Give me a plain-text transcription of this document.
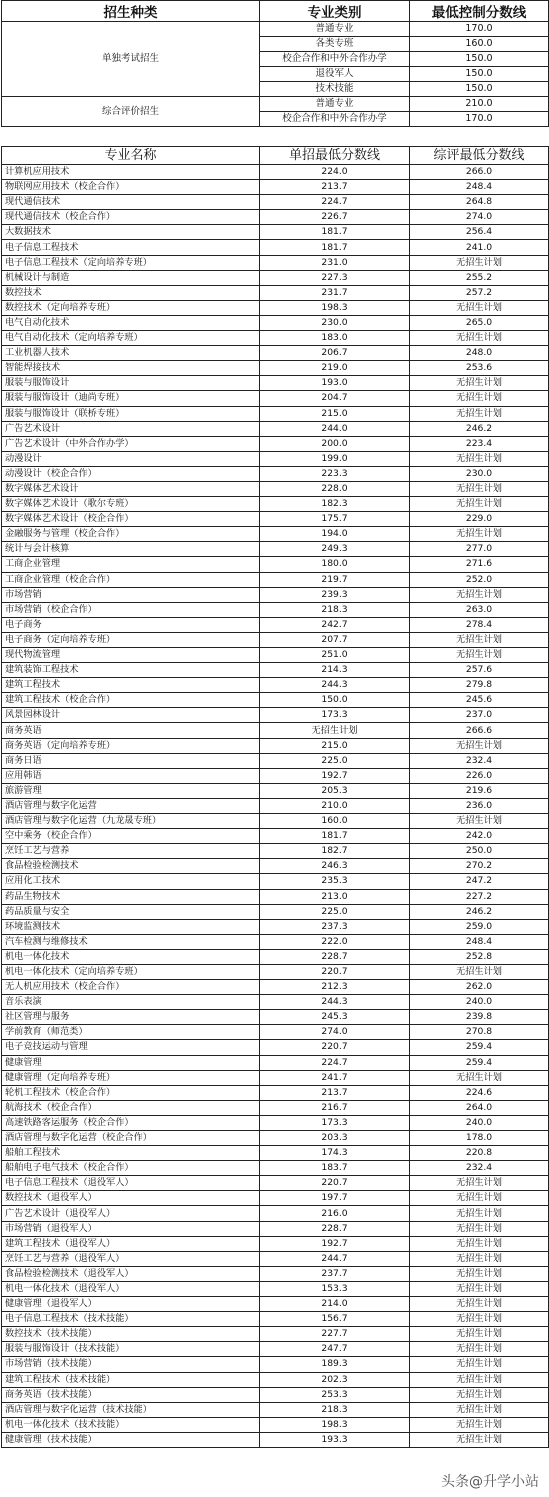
招生种类	专业类别	最低控制分数线
单独考试招生	普通专业	170.0
	各类专班	160.0
	校企合作和中外合作办学	150.0
	退役军人	150.0
	技术技能	150.0
综合评价招生	普通专业	210.0
	校企合作和中外合作办学	170.0
专业名称	单招最低分数线	综评最低分数线
计算机应用技术	224.0	266.0
物联网应用技术（校企合作）	213.7	248.4
现代通信技术	224.7	264.8
现代通信技术（校企合作）	226.7	274.0
大数据技术	181.7	256.4
电子信息工程技术	181.7	241.0
电子信息工程技术（定向培养专班）	231.0	无招生计划
机械设计与制造	227.3	255.2
数控技术	231.7	257.2
数控技术（定向培养专班）	198.3	无招生计划
电气自动化技术	230.0	265.0
电气自动化技术（定向培养专班）	183.0	无招生计划
工业机器人技术	206.7	248.0
智能焊接技术	219.0	253.6
服装与服饰设计	193.0	无招生计划
服装与服饰设计（迪尚专班）	204.7	无招生计划
服装与服饰设计（联桥专班）	215.0	无招生计划
广告艺术设计	244.0	246.2
广告艺术设计（中外合作办学）	200.0	223.4
动漫设计	199.0	无招生计划
动漫设计（校企合作）	223.3	230.0
数字媒体艺术设计	228.0	无招生计划
数字媒体艺术设计（歌尔专班）	182.3	无招生计划
数字媒体艺术设计（校企合作）	175.7	229.0
金融服务与管理（校企合作）	194.0	无招生计划
统计与会计核算	249.3	277.0
工商企业管理	180.0	271.6
工商企业管理（校企合作）	219.7	252.0
市场营销	239.3	无招生计划
市场营销（校企合作）	218.3	263.0
电子商务	242.7	278.4
电子商务（定向培养专班）	207.7	无招生计划
现代物流管理	251.0	无招生计划
建筑装饰工程技术	214.3	257.6
建筑工程技术	244.3	279.8
建筑工程技术（校企合作）	150.0	245.6
风景园林设计	173.3	237.0
商务英语	无招生计划	266.6
商务英语（定向培养专班）	215.0	无招生计划
商务日语	225.0	232.4
应用韩语	192.7	226.0
旅游管理	205.3	219.6
酒店管理与数字化运营	210.0	236.0
酒店管理与数字化运营（九龙晟专班）	160.0	无招生计划
空中乘务（校企合作）	181.7	242.0
烹饪工艺与营养	182.7	250.0
食品检验检测技术	246.3	270.2
应用化工技术	235.3	247.2
药品生物技术	213.0	227.2
药品质量与安全	225.0	246.2
环境监测技术	237.3	259.0
汽车检测与维修技术	222.0	248.4
机电一体化技术	228.7	252.8
机电一体化技术（定向培养专班）	220.7	无招生计划
无人机应用技术（校企合作）	212.3	262.0
音乐表演	244.3	240.0
社区管理与服务	245.3	239.8
学前教育（师范类）	274.0	270.8
电子竞技运动与管理	220.7	259.4
健康管理	224.7	259.4
健康管理（定向培养专班）	241.7	无招生计划
轮机工程技术（校企合作）	213.7	224.6
航海技术（校企合作）	216.7	264.0
高速铁路客运服务（校企合作）	173.3	240.0
酒店管理与数字化运营（校企合作）	203.3	178.0
船舶工程技术	174.3	220.8
船舶电子电气技术（校企合作）	183.7	232.4
电子信息工程技术（退役军人）	220.7	无招生计划
数控技术（退役军人）	197.7	无招生计划
广告艺术设计（退役军人）	216.0	无招生计划
市场营销（退役军人）	228.7	无招生计划
建筑工程技术（退役军人）	192.7	无招生计划
烹饪工艺与营养（退役军人）	244.7	无招生计划
食品检验检测技术（退役军人）	237.7	无招生计划
机电一体化技术（退役军人）	153.3	无招生计划
健康管理（退役军人）	214.0	无招生计划
电子信息工程技术（技术技能）	156.7	无招生计划
数控技术（技术技能）	227.7	无招生计划
服装与服饰设计（技术技能）	247.7	无招生计划
市场营销（技术技能）	189.3	无招生计划
建筑工程技术（技术技能）	202.3	无招生计划
商务英语（技术技能）	253.3	无招生计划
酒店管理与数字化运营（技术技能）	218.3	无招生计划
机电一体化技术（技术技能）	198.3	无招生计划
健康管理（技术技能）	193.3	无招生计划
头条@升学小站
